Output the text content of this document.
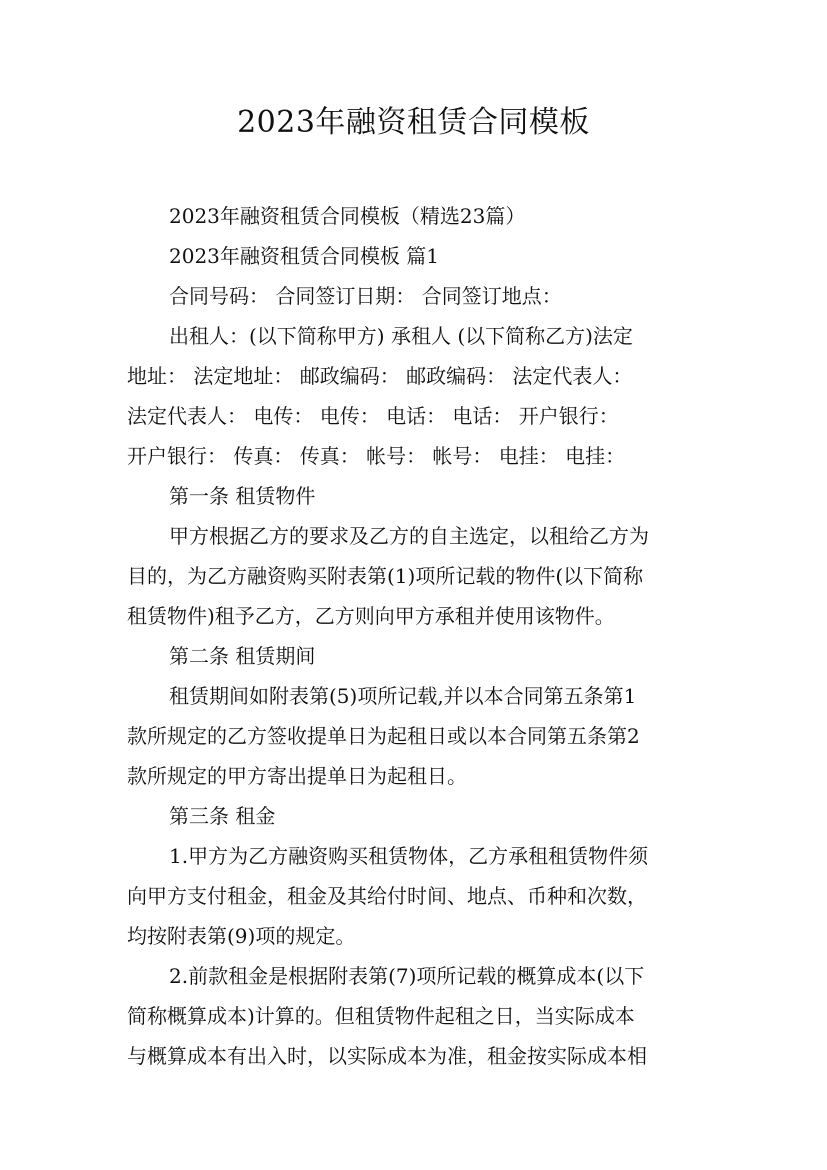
2023年融资租赁合同模板
2023年融资租赁合同模板（精选23篇）
2023年融资租赁合同模板 篇1
合同号码： 合同签订日期： 合同签订地点：
出租人：(以下简称甲方) 承租人 (以下简称乙方)法定
地址： 法定地址： 邮政编码： 邮政编码： 法定代表人：
法定代表人： 电传： 电传： 电话： 电话： 开户银行：
开户银行： 传真： 传真： 帐号： 帐号： 电挂： 电挂：
第一条 租赁物件
甲方根据乙方的要求及乙方的自主选定，以租给乙方为
目的，为乙方融资购买附表第(1)项所记载的物件(以下简称
租赁物件)租予乙方，乙方则向甲方承租并使用该物件。
第二条 租赁期间
租赁期间如附表第(5)项所记载,并以本合同第五条第1
款所规定的乙方签收提单日为起租日或以本合同第五条第2
款所规定的甲方寄出提单日为起租日。
第三条 租金
1.甲方为乙方融资购买租赁物体，乙方承租租赁物件须
向甲方支付租金，租金及其给付时间、地点、币种和次数，
均按附表第(9)项的规定。
2.前款租金是根据附表第(7)项所记载的概算成本(以下
简称概算成本)计算的。但租赁物件起租之日，当实际成本
与概算成本有出入时，以实际成本为准，租金按实际成本相
